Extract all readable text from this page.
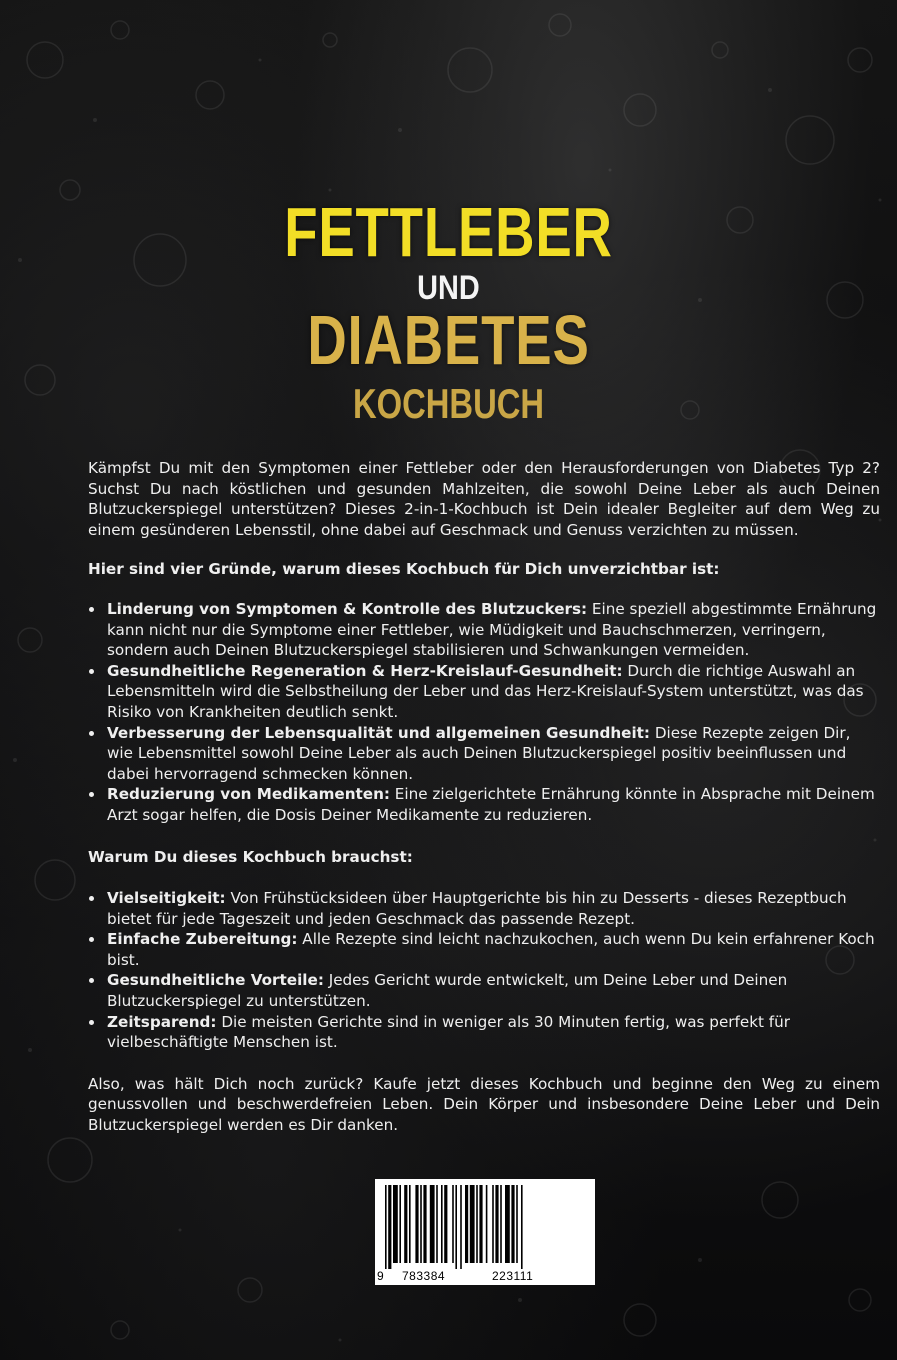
FETTLEBER
UND
DIABETES
KOCHBUCH

Kämpfst Du mit den Symptomen einer Fettleber oder den Herausforderungen von Diabetes Typ 2? Suchst Du nach köstlichen und gesunden Mahlzeiten, die sowohl Deine Leber als auch Deinen Blutzuckerspiegel unterstützen? Dieses 2-in-1-Kochbuch ist Dein idealer Begleiter auf dem Weg zu einem gesünderen Lebensstil, ohne dabei auf Geschmack und Genuss verzichten zu müssen.

Hier sind vier Gründe, warum dieses Kochbuch für Dich unverzichtbar ist:

Linderung von Symptomen & Kontrolle des Blutzuckers: Eine speziell abgestimmte Ernährung kann nicht nur die Symptome einer Fettleber, wie Müdigkeit und Bauchschmerzen, verringern, sondern auch Deinen Blutzuckerspiegel stabilisieren und Schwankungen vermeiden.
Gesundheitliche Regeneration & Herz-Kreislauf-Gesundheit: Durch die richtige Auswahl an Lebensmitteln wird die Selbstheilung der Leber und das Herz-Kreislauf-System unterstützt, was das Risiko von Krankheiten deutlich senkt.
Verbesserung der Lebensqualität und allgemeinen Gesundheit: Diese Rezepte zeigen Dir, wie Lebensmittel sowohl Deine Leber als auch Deinen Blutzuckerspiegel positiv beeinflussen und dabei hervorragend schmecken können.
Reduzierung von Medikamenten: Eine zielgerichtete Ernährung könnte in Absprache mit Deinem Arzt sogar helfen, die Dosis Deiner Medikamente zu reduzieren.

Warum Du dieses Kochbuch brauchst:

Vielseitigkeit: Von Frühstücksideen über Hauptgerichte bis hin zu Desserts - dieses Rezeptbuch bietet für jede Tageszeit und jeden Geschmack das passende Rezept.
Einfache Zubereitung: Alle Rezepte sind leicht nachzukochen, auch wenn Du kein erfahrener Koch bist.
Gesundheitliche Vorteile: Jedes Gericht wurde entwickelt, um Deine Leber und Deinen Blutzuckerspiegel zu unterstützen.
Zeitsparend: Die meisten Gerichte sind in weniger als 30 Minuten fertig, was perfekt für vielbeschäftigte Menschen ist.

Also, was hält Dich noch zurück? Kaufe jetzt dieses Kochbuch und beginne den Weg zu einem genussvollen und beschwerdefreien Leben. Dein Körper und insbesondere Deine Leber und Dein Blutzuckerspiegel werden es Dir danken.

9 783384	223111
